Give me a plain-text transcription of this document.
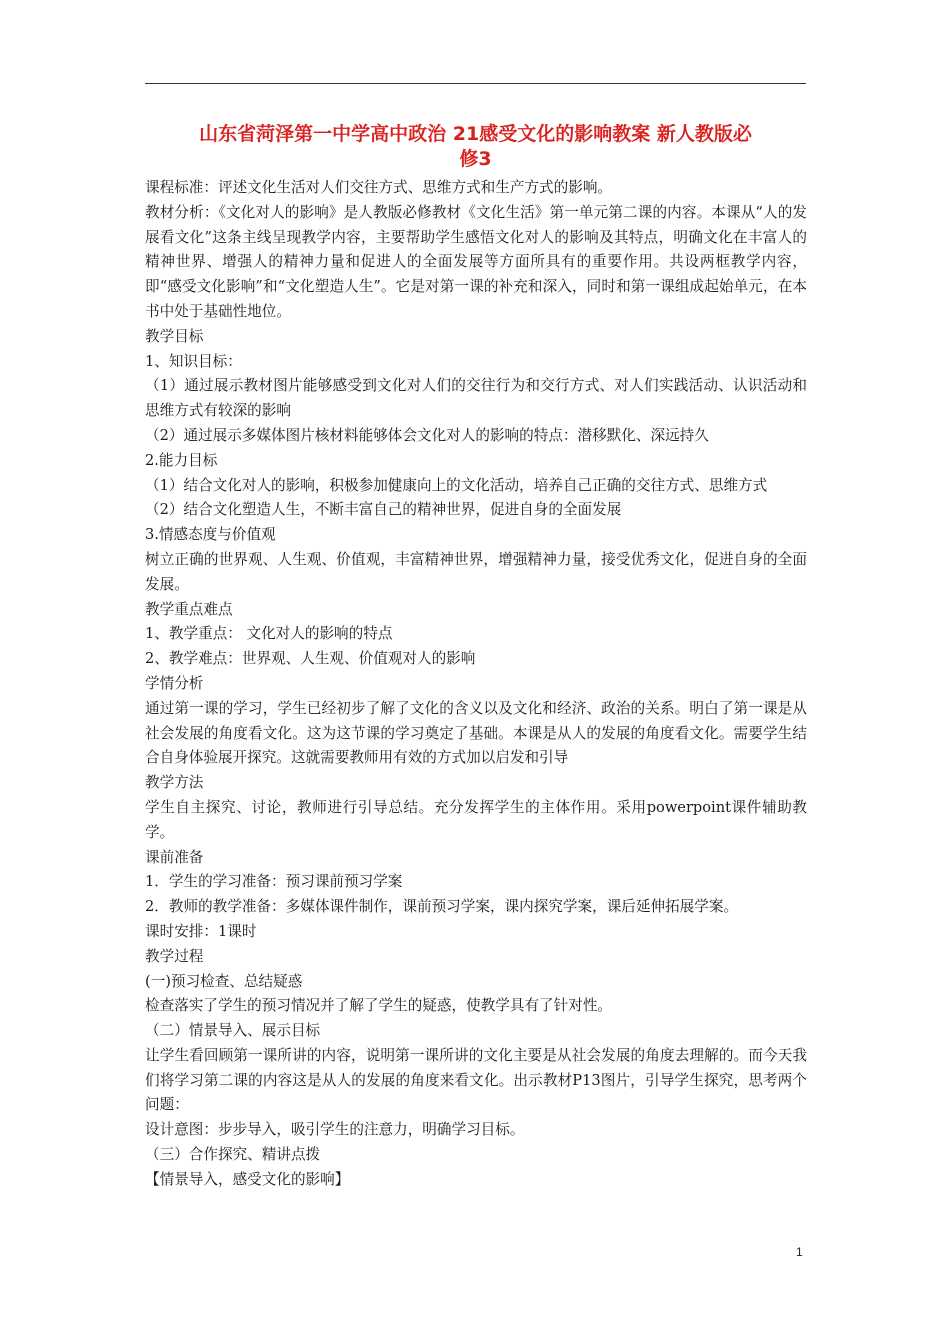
山东省菏泽第一中学高中政治 21感受文化的影响教案 新人教版必
修3

课程标准：评述文化生活对人们交往方式、思维方式和生产方式的影响。

教材分析：《文化对人的影响》是人教版必修教材《文化生活》第一单元第二课的内容。本课从“人的发展看文化”这条主线呈现教学内容，主要帮助学生感悟文化对人的影响及其特点，明确文化在丰富人的精神世界、增强人的精神力量和促进人的全面发展等方面所具有的重要作用。共设两框教学内容，即“感受文化影响”和“文化塑造人生”。它是对第一课的补充和深入，同时和第一课组成起始单元，在本书中处于基础性地位。

教学目标

1、知识目标：

（1）通过展示教材图片能够感受到文化对人们的交往行为和交行方式、对人们实践活动、认识活动和思维方式有较深的影响

（2）通过展示多媒体图片核材料能够体会文化对人的影响的特点：潜移默化、深远持久

2.能力目标

（1）结合文化对人的影响，积极参加健康向上的文化活动，培养自己正确的交往方式、思维方式

（2）结合文化塑造人生，不断丰富自己的精神世界，促进自身的全面发展

3.情感态度与价值观

树立正确的世界观、人生观、价值观，丰富精神世界，增强精神力量，接受优秀文化，促进自身的全面发展。

教学重点难点

1、教学重点： 文化对人的影响的特点

2、教学难点：世界观、人生观、价值观对人的影响

学情分析

通过第一课的学习，学生已经初步了解了文化的含义以及文化和经济、政治的关系。明白了第一课是从社会发展的角度看文化。这为这节课的学习奠定了基础。本课是从人的发展的角度看文化。需要学生结合自身体验展开探究。这就需要教师用有效的方式加以启发和引导

教学方法

学生自主探究、讨论，教师进行引导总结。充分发挥学生的主体作用。采用powerpoint课件辅助教学。

课前准备

1．学生的学习准备：预习课前预习学案

2．教师的教学准备：多媒体课件制作，课前预习学案，课内探究学案，课后延伸拓展学案。

课时安排：1课时

教学过程

(一)预习检查、总结疑惑

检查落实了学生的预习情况并了解了学生的疑惑，使教学具有了针对性。

（二）情景导入、展示目标

让学生看回顾第一课所讲的内容，说明第一课所讲的文化主要是从社会发展的角度去理解的。而今天我们将学习第二课的内容这是从人的发展的角度来看文化。出示教材P13图片，引导学生探究，思考两个问题：

设计意图：步步导入，吸引学生的注意力，明确学习目标。

（三）合作探究、精讲点拨

【情景导入，感受文化的影响】

1
